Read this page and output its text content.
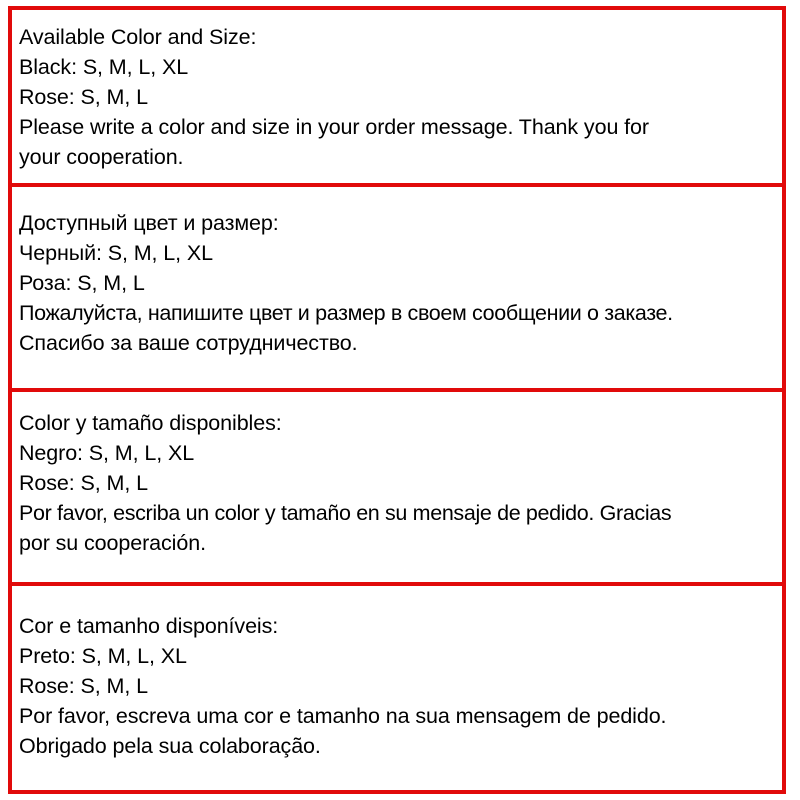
Available Color and Size:
Black: S, M, L, XL
Rose: S, M, L
Please write a color and size in your order message. Thank you for
your cooperation.
Доступный цвет и размер:
Черный: S, M, L, XL
Роза: S, M, L
Пожалуйста, напишите цвет и размер в своем сообщении о заказе.
Спасибо за ваше сотрудничество.
Color y tamaño disponibles:
Negro: S, M, L, XL
Rose: S, M, L
Por favor, escriba un color y tamaño en su mensaje de pedido. Gracias
por su cooperación.
Cor e tamanho disponíveis:
Preto: S, M, L, XL
Rose: S, M, L
Por favor, escreva uma cor e tamanho na sua mensagem de pedido.
Obrigado pela sua colaboração.
